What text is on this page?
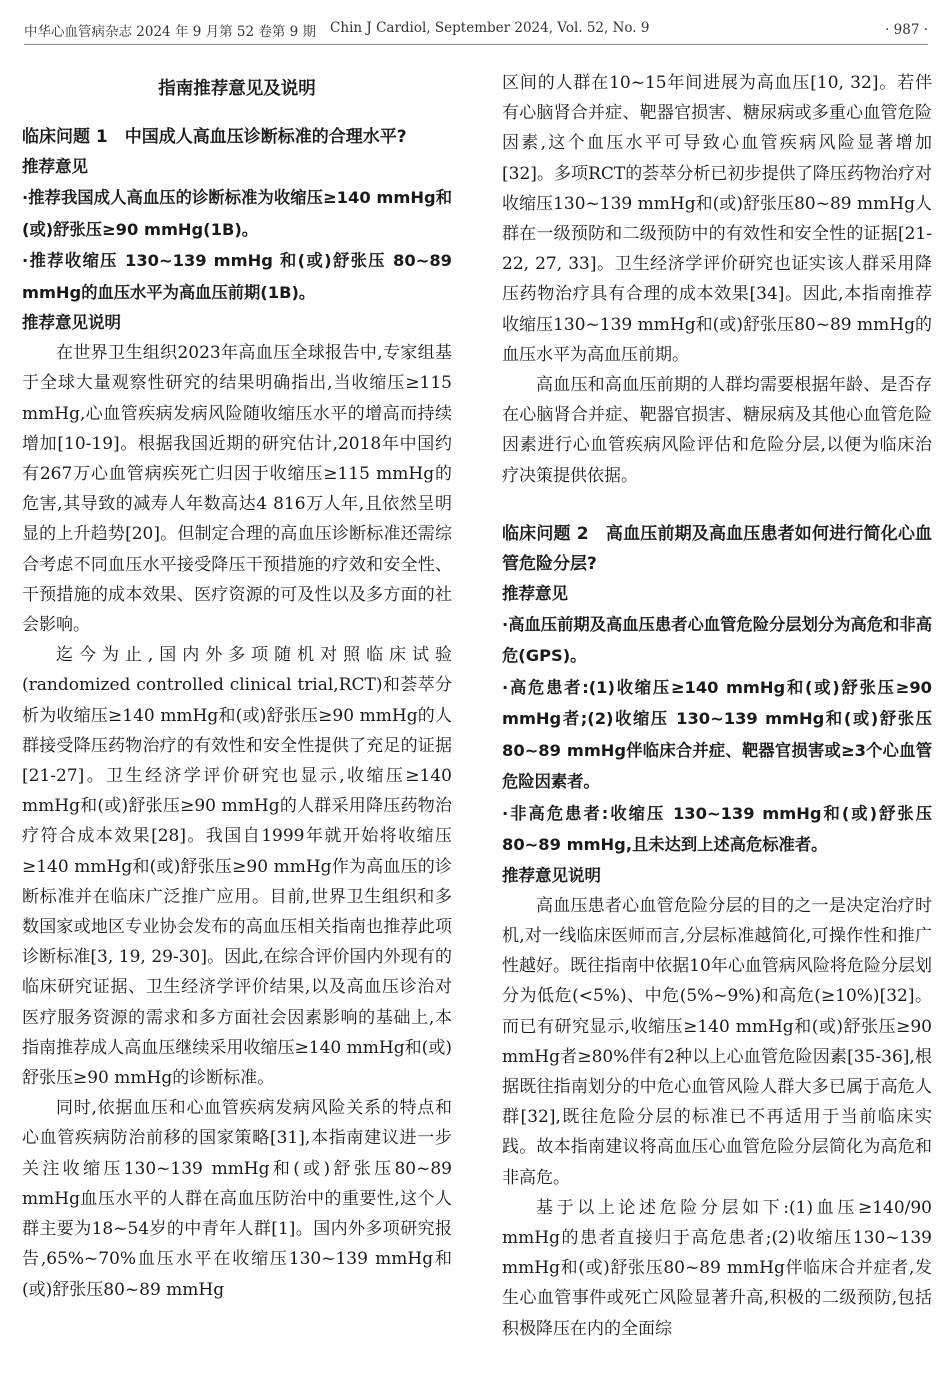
中华心血管病杂志 2024 年 9 月第 52 卷第 9 期 Chin J Cardiol, September 2024, Vol. 52, No. 9	· 987 ·
指南推荐意见及说明
临床问题 1　中国成人高血压诊断标准的合理水平?
推荐意见
·推荐我国成人高血压的诊断标准为收缩压≥140 mmHg和(或)舒张压≥90 mmHg(1B)。
·推荐收缩压 130~139 mmHg 和(或)舒张压 80~89 mmHg的血压水平为高血压前期(1B)。
推荐意见说明

在世界卫生组织2023年高血压全球报告中,专家组基于全球大量观察性研究的结果明确指出,当收缩压≥115 mmHg,心血管疾病发病风险随收缩压水平的增高而持续增加[10-19]。根据我国近期的研究估计,2018年中国约有267万心血管病疾死亡归因于收缩压≥115 mmHg的危害,其导致的减寿人年数高达4 816万人年,且依然呈明显的上升趋势[20]。但制定合理的高血压诊断标准还需综合考虑不同血压水平接受降压干预措施的疗效和安全性、干预措施的成本效果、医疗资源的可及性以及多方面的社会影响。

迄今为止,国内外多项随机对照临床试验(randomized controlled clinical trial,RCT)和荟萃分析为收缩压≥140 mmHg和(或)舒张压≥90 mmHg的人群接受降压药物治疗的有效性和安全性提供了充足的证据[21-27]。卫生经济学评价研究也显示,收缩压≥140 mmHg和(或)舒张压≥90 mmHg的人群采用降压药物治疗符合成本效果[28]。我国自1999年就开始将收缩压≥140 mmHg和(或)舒张压≥90 mmHg作为高血压的诊断标准并在临床广泛推广应用。目前,世界卫生组织和多数国家或地区专业协会发布的高血压相关指南也推荐此项诊断标准[3, 19, 29-30]。因此,在综合评价国内外现有的临床研究证据、卫生经济学评价结果,以及高血压诊治对医疗服务资源的需求和多方面社会因素影响的基础上,本指南推荐成人高血压继续采用收缩压≥140 mmHg和(或)舒张压≥90 mmHg的诊断标准。

同时,依据血压和心血管疾病发病风险关系的特点和心血管疾病防治前移的国家策略[31],本指南建议进一步关注收缩压130~139 mmHg和(或)舒张压80~89 mmHg血压水平的人群在高血压防治中的重要性,这个人群主要为18~54岁的中青年人群[1]。国内外多项研究报告,65%~70%血压水平在收缩压130~139 mmHg和(或)舒张压80~89 mmHg

区间的人群在10~15年间进展为高血压[10, 32]。若伴有心脑肾合并症、靶器官损害、糖尿病或多重心血管危险因素,这个血压水平可导致心血管疾病风险显著增加[32]。多项RCT的荟萃分析已初步提供了降压药物治疗对收缩压130~139 mmHg和(或)舒张压80~89 mmHg人群在一级预防和二级预防中的有效性和安全性的证据[21-22, 27, 33]。卫生经济学评价研究也证实该人群采用降压药物治疗具有合理的成本效果[34]。因此,本指南推荐收缩压130~139 mmHg和(或)舒张压80~89 mmHg的血压水平为高血压前期。

高血压和高血压前期的人群均需要根据年龄、是否存在心脑肾合并症、靶器官损害、糖尿病及其他心血管危险因素进行心血管疾病风险评估和危险分层,以便为临床治疗决策提供依据。

临床问题 2　高血压前期及高血压患者如何进行简化心血管危险分层?
推荐意见
·高血压前期及高血压患者心血管危险分层划分为高危和非高危(GPS)。
·高危患者:(1)收缩压≥140 mmHg和(或)舒张压≥90 mmHg者;(2)收缩压 130~139 mmHg和(或)舒张压 80~89 mmHg伴临床合并症、靶器官损害或≥3个心血管危险因素者。
·非高危患者:收缩压 130~139 mmHg和(或)舒张压80~89 mmHg,且未达到上述高危标准者。
推荐意见说明

高血压患者心血管危险分层的目的之一是决定治疗时机,对一线临床医师而言,分层标准越简化,可操作性和推广性越好。既往指南中依据10年心血管病风险将危险分层划分为低危(<5%)、中危(5%~9%)和高危(≥10%)[32]。而已有研究显示,收缩压≥140 mmHg和(或)舒张压≥90 mmHg者≥80%伴有2种以上心血管危险因素[35-36],根据既往指南划分的中危心血管风险人群大多已属于高危人群[32],既往危险分层的标准已不再适用于当前临床实践。故本指南建议将高血压心血管危险分层简化为高危和非高危。

基于以上论述危险分层如下:(1)血压≥140/90 mmHg的患者直接归于高危患者;(2)收缩压130~139 mmHg和(或)舒张压80~89 mmHg伴临床合并症者,发生心血管事件或死亡风险显著升高,积极的二级预防,包括积极降压在内的全面综
